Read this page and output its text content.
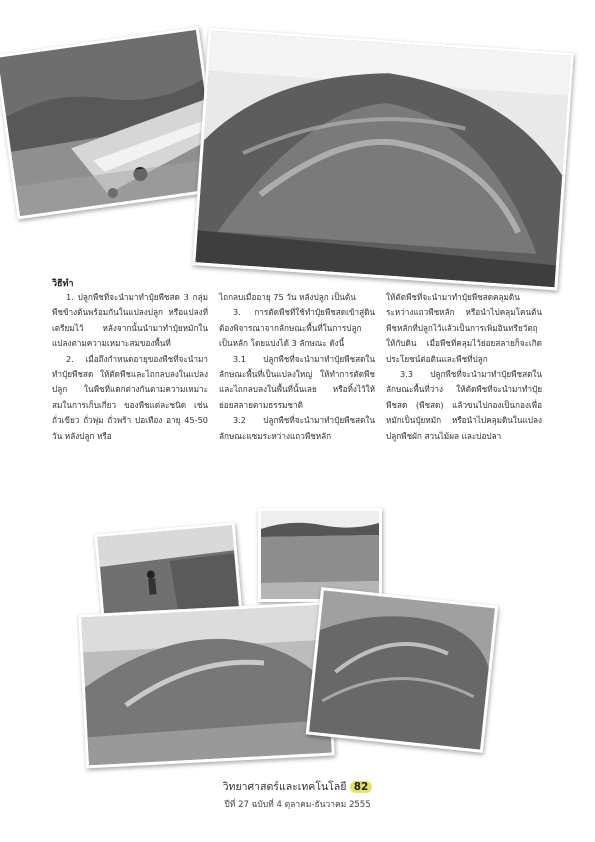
วิธีทำ

1. ปลูกพืชที่จะนำมาทำปุ๋ยพืชสด 3 กลุ่มพืชข้างต้นพร้อมกันในแปลงปลูก หรือแปลงที่เตรียมไว้ หลังจากนั้นนำมาทำปุ๋ยหมักในแปลงตามความเหมาะสมของพื้นที่

2. เมื่อถึงกำหนดอายุของพืชที่จะนำมาทำปุ๋ยพืชสด ให้ตัดพืชและไถกลบลงในแปลงปลูก ในพืชที่แตกต่างกันตามความเหมาะสมในการเก็บเกี่ยว ของพืชแต่ละชนิด เช่น ถั่วเขียว ถั่วพุ่ม ถั่วพร้า ปอเทือง อายุ 45-50 วัน หลังปลูก หรือ

ไถกลบเมื่ออายุ 75 วัน หลังปลูก เป็นต้น

3. การตัดพืชที่ใช้ทำปุ๋ยพืชสดเข้าสู่ดิน ต้องพิจารณาจากลักษณะพื้นที่ในการปลูกเป็นหลัก โดยแบ่งได้ 3 ลักษณะ ดังนี้

3.1 ปลูกพืชที่จะนำมาทำปุ๋ยพืชสดในลักษณะพื้นที่เป็นแปลงใหญ่ ให้ทำการตัดพืชและไถกลบลงในพื้นที่นั้นเลย หรือทิ้งไว้ให้ย่อยสลายตามธรรมชาติ

3.2 ปลูกพืชที่จะนำมาทำปุ๋ยพืชสดในลักษณะแซมระหว่างแถวพืชหลัก

ให้ตัดพืชที่จะนำมาทำปุ๋ยพืชสดคลุมดินระหว่างแถวพืชหลัก หรือนำไปคลุมโคนต้นพืชหลักที่ปลูกไว้แล้วเป็นการเพิ่มอินทรียวัตถุให้กับดิน เมื่อพืชที่คลุมไว้ย่อยสลายก็จะเกิดประโยชน์ต่อดินและพืชที่ปลูก

3.3 ปลูกพืชที่จะนำมาทำปุ๋ยพืชสดในลักษณะพื้นที่ว่าง ให้ตัดพืชที่จะนำมาทำปุ๋ยพืชสด (พืชสด) แล้วขนไปกองเป็นกองเพื่อหมักเป็นปุ๋ยหมัก หรือนำไปคลุมดินในแปลงปลูกพืชผัก สวนไม้ผล และบ่อปลา

วิทยาศาสตร์และเทคโนโลยี 82
ปีที่ 27 ฉบับที่ 4 ตุลาคม-ธันวาคม 2555
